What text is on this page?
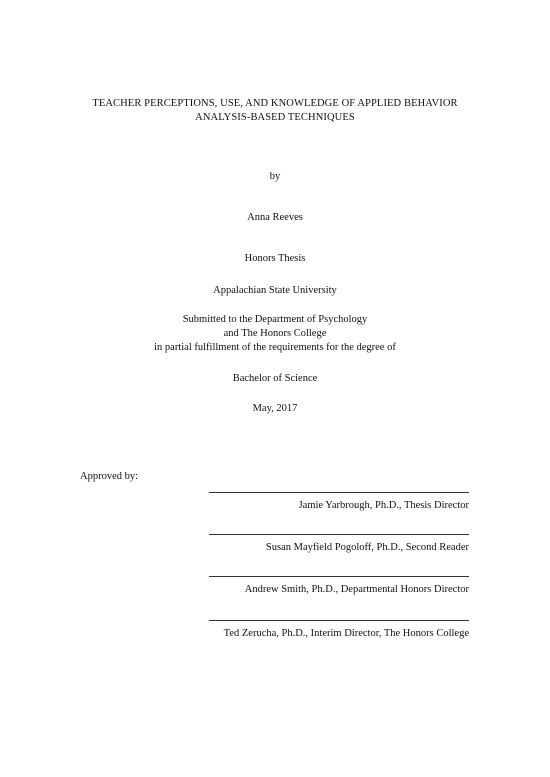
TEACHER PERCEPTIONS, USE, AND KNOWLEDGE OF APPLIED BEHAVIOR
ANALYSIS-BASED TECHNIQUES
by
Anna Reeves
Honors Thesis
Appalachian State University
Submitted to the Department of Psychology
and The Honors College
in partial fulfillment of the requirements for the degree of
Bachelor of Science
May, 2017
Approved by:
Jamie Yarbrough, Ph.D., Thesis Director
Susan Mayfield Pogoloff, Ph.D., Second Reader
Andrew Smith, Ph.D., Departmental Honors Director
Ted Zerucha, Ph.D., Interim Director, The Honors College
